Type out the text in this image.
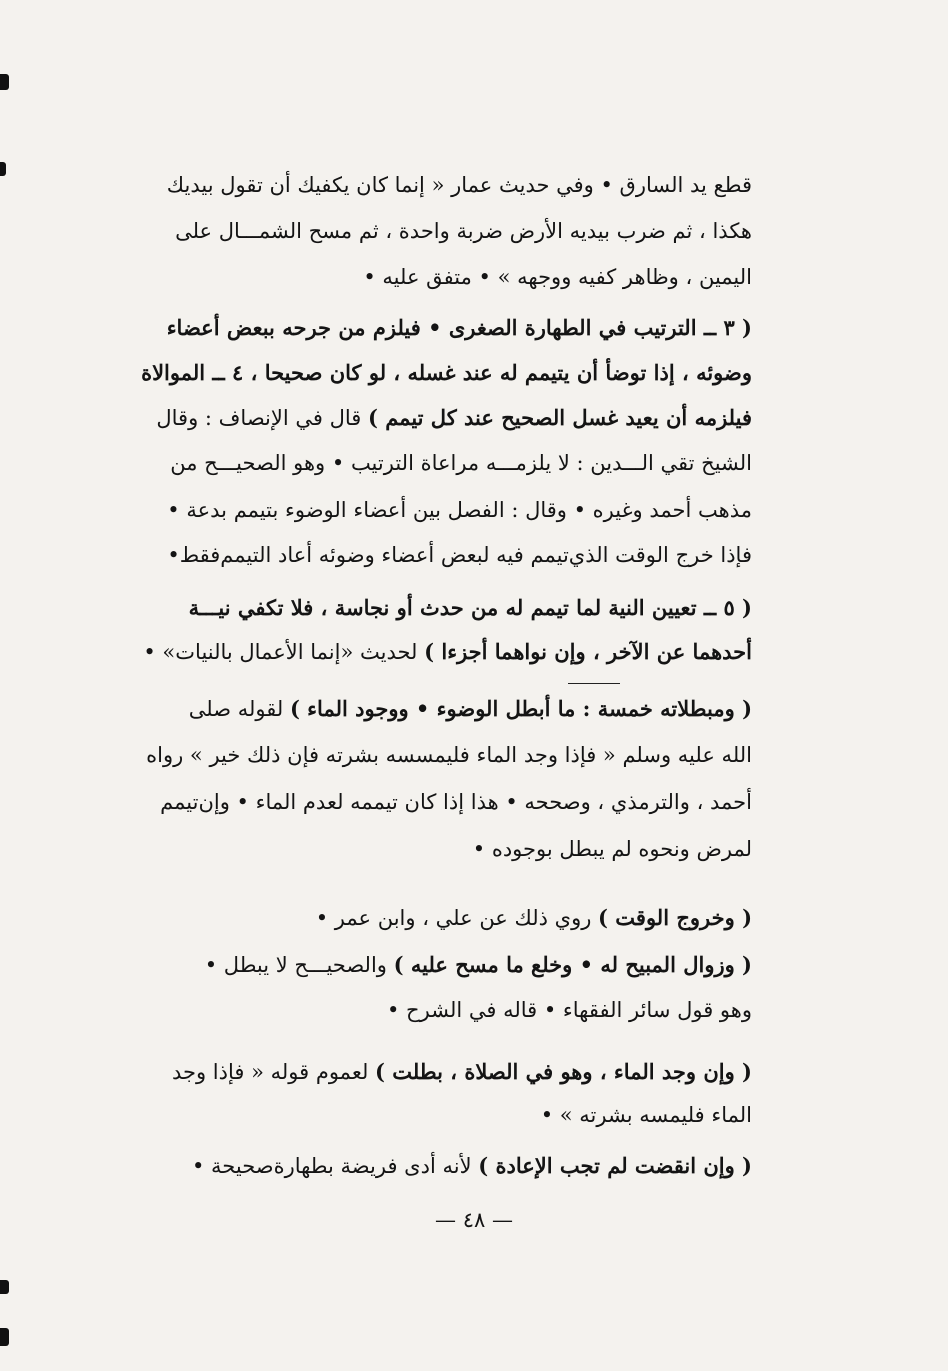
قطع يد السارق • وفي حديث عمار « إنما كان يكفيك أن تقول بيديك
هكذا ، ثم ضرب بيديه الأرض ضربة واحدة ، ثم مسح الشمـــال على
اليمين ، وظاهر كفيه ووجهه » • متفق عليه •
( ٣ ــ الترتيب في الطهارة الصغرى • فيلزم من جرحه ببعض أعضاء
وضوئه ، إذا توضأ أن يتيمم له عند غسله ، لو كان صحيحا ، ٤ ــ الموالاة
فيلزمه أن يعيد غسل الصحيح عند كل تيمم ) قال في الإنصاف : وقال
الشيخ تقي الـــدين : لا يلزمـــه مراعاة الترتيب • وهو الصحيـــح من
مذهب أحمد وغيره • وقال : الفصل بين أعضاء الوضوء بتيمم بدعة •
فإذا خرج الوقت الذي‌تيمم فيه لبعض أعضاء وضوئه أعاد التيمم‌فقط•
( ٥ ــ تعيين النية لما تيمم له من حدث أو نجاسة ، فلا تكفي نيـــة
أحدهما عن الآخر ، وإن نواهما أجزءا ) لحديث «إنما الأعمال بالنيات» •
( ومبطلاته خمسة : ما أبطل الوضوء • ووجود الماء ) لقوله صلى
الله عليه وسلم « فإذا وجد الماء فليمسسه بشرته فإن ذلك خير » رواه
أحمد ، والترمذي ، وصححه • هذا إذا كان تيممه لعدم الماء • وإن‌تيمم
لمرض ونحوه لم يبطل بوجوده •
( وخروج الوقت ) روي ذلك عن علي ، وابن عمر •
( وزوال المبيح له • وخلع ما مسح عليه ) والصحيـــح لا يبطل •
وهو قول سائر الفقهاء • قاله في الشرح •
( وإن وجد الماء ، وهو في الصلاة ، بطلت ) لعموم قوله « فإذا وجد
الماء فليمسه بشرته » •
( وإن انقضت لم تجب الإعادة ) لأنه أدى فريضة بطهارة‌صحيحة •
— ٤٨ —
